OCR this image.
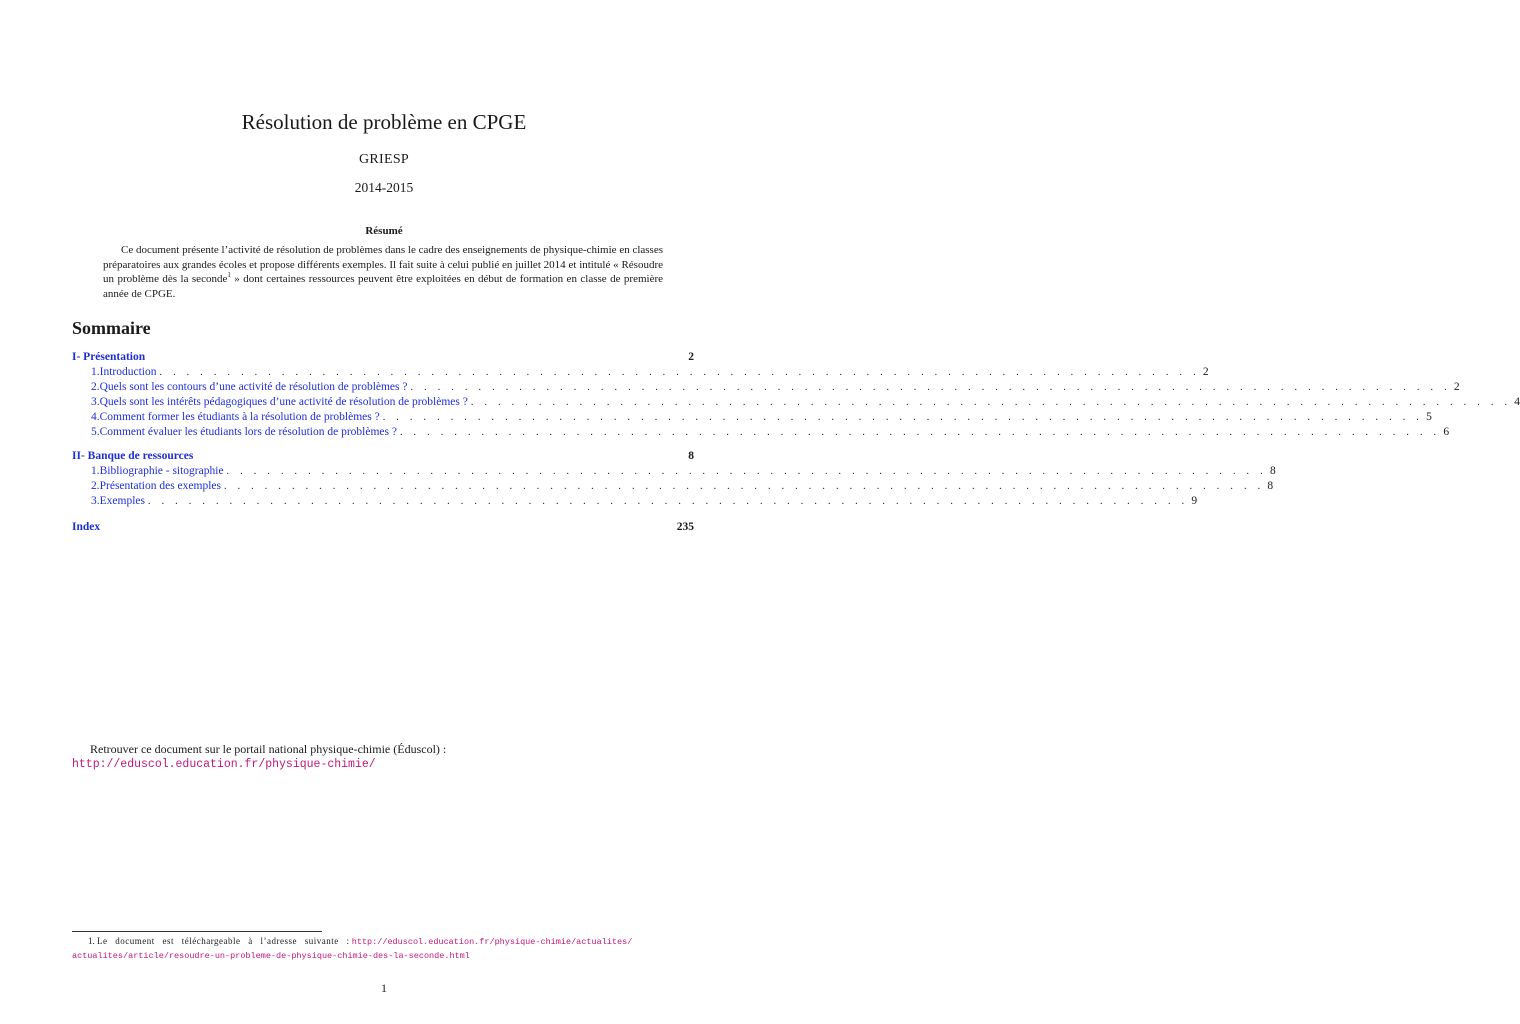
Résolution de problème en CPGE
GRIESP
2014-2015
Résumé

Ce document présente l’activité de résolution de problèmes dans le cadre des enseignements de physique-chimie en classes préparatoires aux grandes écoles et propose différents exemples. Il fait suite à celui publié en juillet 2014 et intitulé « Résoudre un problème dès la seconde$^1$ » dont certaines ressources peuvent être exploitées en début de formation en classe de première année de CPGE.

Sommaire
I- Présentation	2
1. Introduction . . . . . . . . . . . . . . . . . . . . . . . . . . . . . . . . . . . . . . . . . . . . . . . . . . . . . . . . . . . . . . . . . . . . . . . . . . . . . 2
2. Quels sont les contours d’une activité de résolution de problèmes ? . . . . . . . . . . . . . . . . . . . . . . . . . . . . . . . . . . . . . . . . . . . . . . . . . . . . . . . . . . . . . . . . . . . . . . . . . . . . . 2
3. Quels sont les intérêts pédagogiques d’une activité de résolution de problèmes ? . . . . . . . . . . . . . . . . . . . . . . . . . . . . . . . . . . . . . . . . . . . . . . . . . . . . . . . . . . . . . . . . . . . . . . . . . . . . . 4
4. Comment former les étudiants à la résolution de problèmes ? . . . . . . . . . . . . . . . . . . . . . . . . . . . . . . . . . . . . . . . . . . . . . . . . . . . . . . . . . . . . . . . . . . . . . . . . . . . . . 5
5. Comment évaluer les étudiants lors de résolution de problèmes ? . . . . . . . . . . . . . . . . . . . . . . . . . . . . . . . . . . . . . . . . . . . . . . . . . . . . . . . . . . . . . . . . . . . . . . . . . . . . . 6
II- Banque de ressources	8
1. Bibliographie - sitographie . . . . . . . . . . . . . . . . . . . . . . . . . . . . . . . . . . . . . . . . . . . . . . . . . . . . . . . . . . . . . . . . . . . . . . . . . . . . . 8
2. Présentation des exemples . . . . . . . . . . . . . . . . . . . . . . . . . . . . . . . . . . . . . . . . . . . . . . . . . . . . . . . . . . . . . . . . . . . . . . . . . . . . . 8
3. Exemples . . . . . . . . . . . . . . . . . . . . . . . . . . . . . . . . . . . . . . . . . . . . . . . . . . . . . . . . . . . . . . . . . . . . . . . . . . . . . 9
Index	235
Retrouver ce document sur le portail national physique-chimie (Éduscol) :
http://eduscol.education.fr/physique-chimie/
1. Le document est téléchargeable à l’adresse suivante : http://eduscol.education.fr/physique-chimie/actualites/
actualites/article/resoudre-un-probleme-de-physique-chimie-des-la-seconde.html
1
